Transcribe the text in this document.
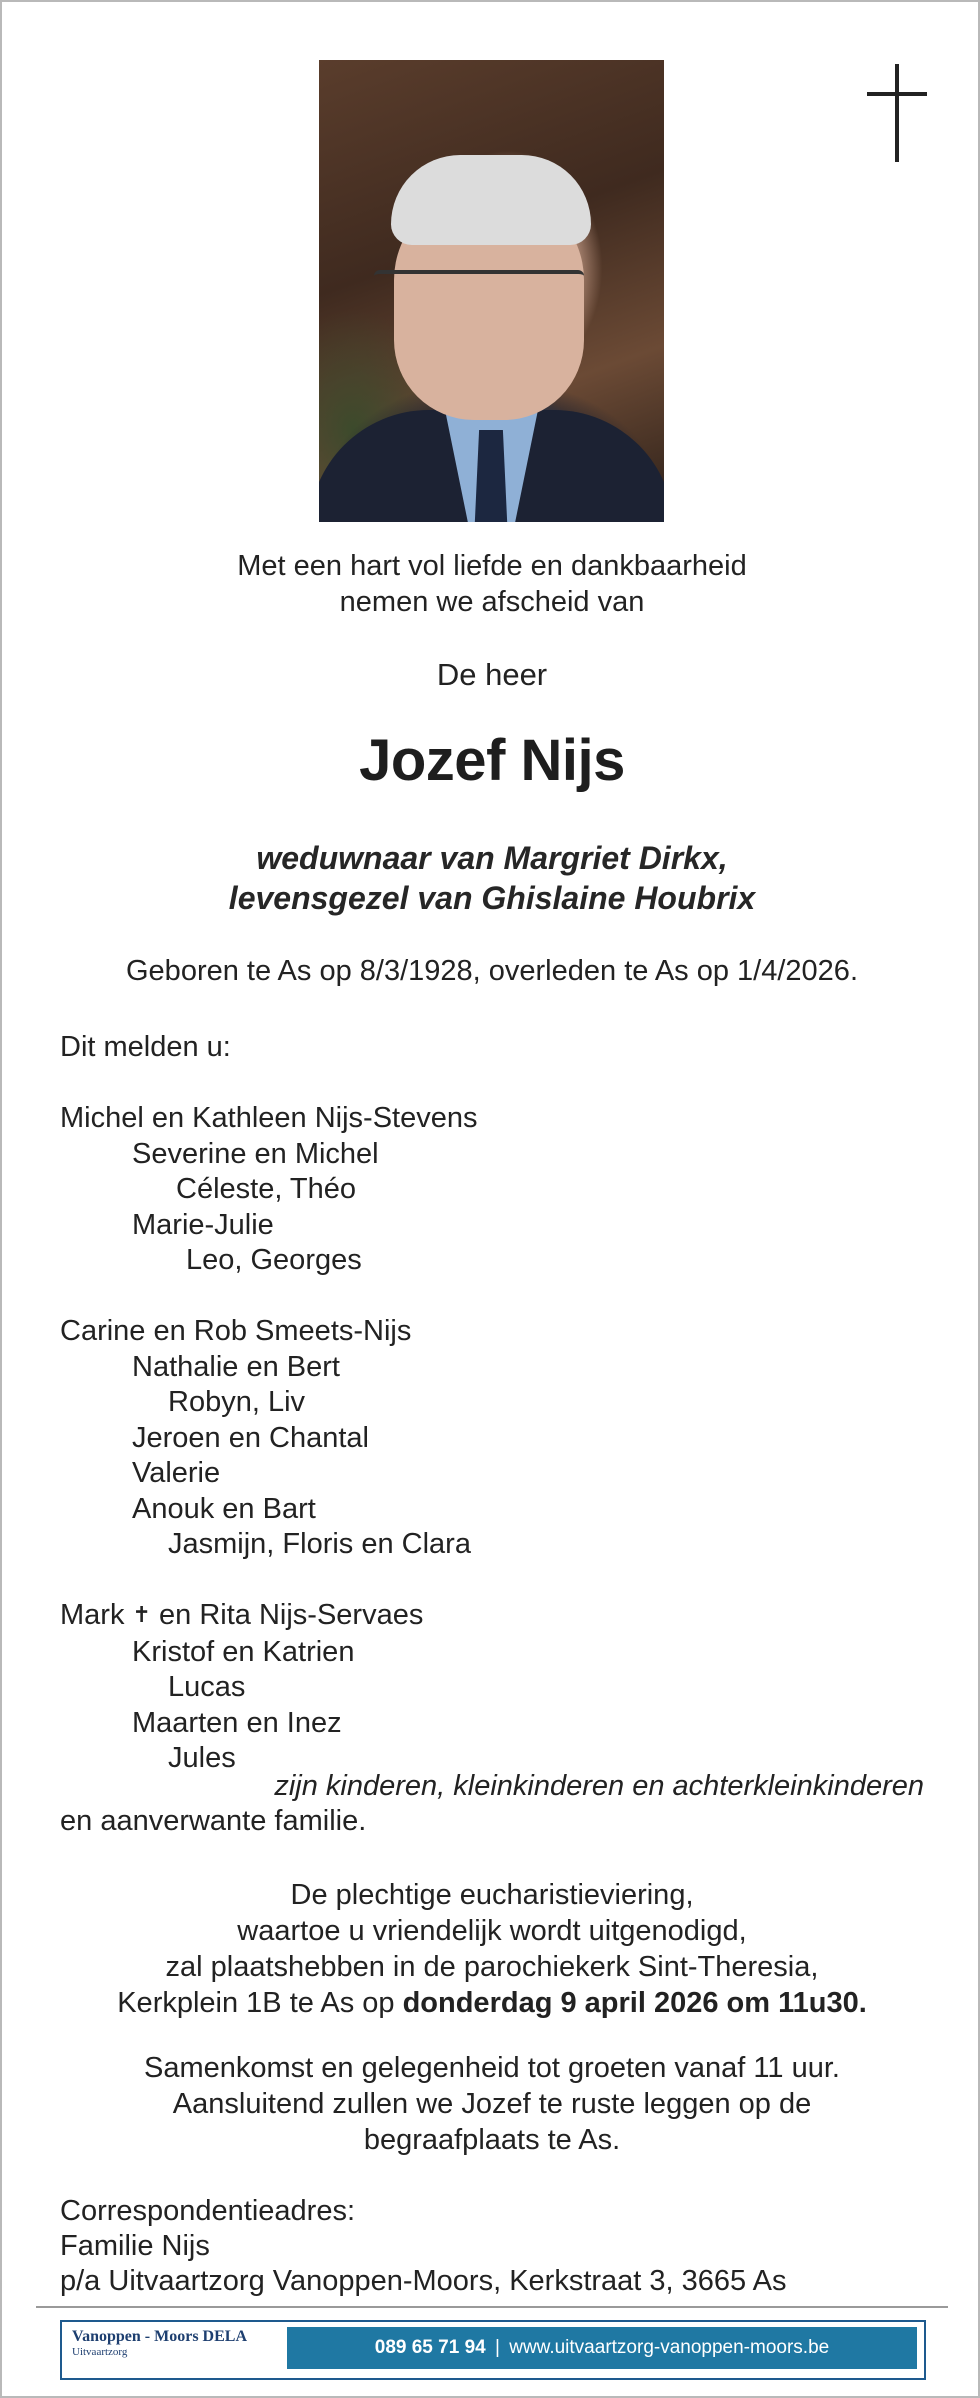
Met een hart vol liefde en dankbaarheid
nemen we afscheid van
De heer
Jozef Nijs
weduwnaar van Margriet Dirkx,
levensgezel van Ghislaine Houbrix
Geboren te As op 8/3/1928, overleden te As op 1/4/2026.
Dit melden u:
Michel en Kathleen Nijs-Stevens
Severine en Michel
Céleste, Théo
Marie-Julie
Leo, Georges
Carine en Rob Smeets-Nijs
Nathalie en Bert
Robyn, Liv
Jeroen en Chantal
Valerie
Anouk en Bart
Jasmijn, Floris en Clara
Mark ✝ en Rita Nijs-Servaes
Kristof en Katrien
Lucas
Maarten en Inez
Jules
zijn kinderen, kleinkinderen en achterkleinkinderen
en aanverwante familie.
De plechtige eucharistieviering,
waartoe u vriendelijk wordt uitgenodigd,
zal plaatshebben in de parochiekerk Sint-Theresia,
Kerkplein 1B te As op donderdag 9 april 2026 om 11u30.
Samenkomst en gelegenheid tot groeten vanaf 11 uur.
Aansluitend zullen we Jozef te ruste leggen op de
begraafplaats te As.
Correspondentieadres:
Familie Nijs
p/a Uitvaartzorg Vanoppen-Moors, Kerkstraat 3, 3665 As
Vanoppen - Moors DELA
Uitvaartzorg	089 65 71 94 | www.uitvaartzorg-vanoppen-moors.be
